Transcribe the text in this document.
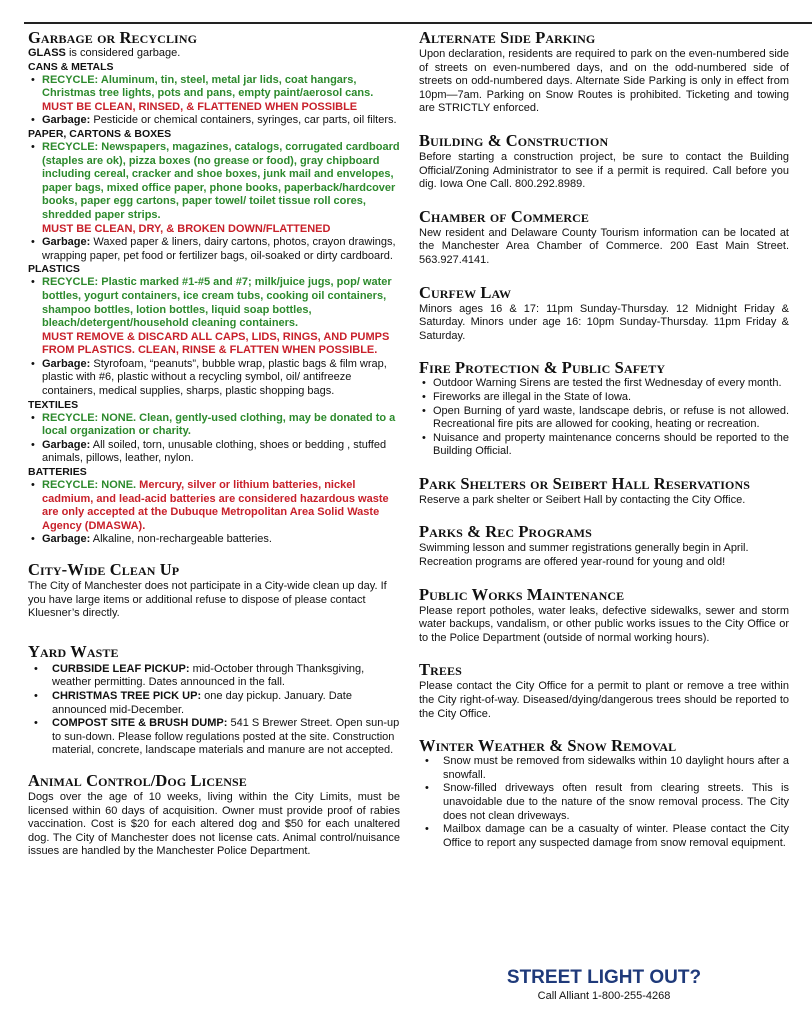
Garbage or Recycling

GLASS is considered garbage.

CANS & METALS

• RECYCLE: Aluminum, tin, steel, metal jar lids, coat hangars, Christmas tree lights, pots and pans, empty paint/aerosol cans.
MUST BE CLEAN, RINSED, & FLATTENED WHEN POSSIBLE
• Garbage: Pesticide or chemical containers, syringes, car parts, oil filters.

PAPER, CARTONS & BOXES

• RECYCLE: Newspapers, magazines, catalogs, corrugated cardboard (staples are ok), pizza boxes (no grease or food), gray chipboard including cereal, cracker and shoe boxes, junk mail and envelopes, paper bags, mixed office paper, phone books, paperback/hardcover books, paper egg cartons, paper towel/ toilet tissue roll cores, shredded paper strips.
MUST BE CLEAN, DRY, & BROKEN DOWN/FLATTENED
• Garbage: Waxed paper & liners, dairy cartons, photos, crayon drawings, wrapping paper, pet food or fertilizer bags, oil-soaked or dirty cardboard.

PLASTICS

• RECYCLE: Plastic marked #1-#5 and #7; milk/juice jugs, pop/ water bottles, yogurt containers, ice cream tubs, cooking oil containers, shampoo bottles, lotion bottles, liquid soap bottles, bleach/detergent/household cleaning containers.
MUST REMOVE & DISCARD ALL CAPS, LIDS, RINGS, AND PUMPS FROM PLASTICS. CLEAN, RINSE & FLATTEN WHEN POSSIBLE.
• Garbage: Styrofoam, “peanuts”, bubble wrap, plastic bags & film wrap, plastic with #6, plastic without a recycling symbol, oil/ antifreeze containers, medical supplies, sharps, plastic shopping bags.

TEXTILES

• RECYCLE: NONE. Clean, gently-used clothing, may be donated to a local organization or charity.
• Garbage: All soiled, torn, unusable clothing, shoes or bedding , stuffed animals, pillows, leather, nylon.

BATTERIES

• RECYCLE: NONE. Mercury, silver or lithium batteries, nickel cadmium, and lead-acid batteries are considered hazardous waste are only accepted at the Dubuque Metropolitan Area Solid Waste Agency (DMASWA).
• Garbage: Alkaline, non-rechargeable batteries.
City-Wide Clean Up

The City of Manchester does not participate in a City-wide clean up day. If you have large items or additional refuse to dispose of please contact Kluesner’s directly.

Yard Waste
• CURBSIDE LEAF PICKUP: mid-October through Thanksgiving, weather permitting. Dates announced in the fall.
• CHRISTMAS TREE PICK UP: one day pickup. January. Date announced mid-December.
• COMPOST SITE & BRUSH DUMP: 541 S Brewer Street. Open sun-up to sun-down. Please follow regulations posted at the site. Construction material, concrete, landscape materials and manure are not accepted.
Animal Control/Dog License

Dogs over the age of 10 weeks, living within the City Limits, must be licensed within 60 days of acquisition. Owner must provide proof of rabies vaccination. Cost is $20 for each altered dog and $50 for each unaltered dog. The City of Manchester does not license cats. Animal control/nuisance issues are handled by the Manchester Police Department.

Alternate Side Parking

Upon declaration, residents are required to park on the even-numbered side of streets on even-numbered days, and on the odd-numbered side of streets on odd-numbered days. Alternate Side Parking is only in effect from 10pm—7am. Parking on Snow Routes is prohibited. Ticketing and towing are STRICTLY enforced.

Building & Construction

Before starting a construction project, be sure to contact the Building Official/Zoning Administrator to see if a permit is required. Call before you dig. Iowa One Call. 800.292.8989.

Chamber of Commerce

New resident and Delaware County Tourism information can be located at the Manchester Area Chamber of Commerce. 200 East Main Street. 563.927.4141.

Curfew Law

Minors ages 16 & 17: 11pm Sunday-Thursday. 12 Midnight Friday & Saturday. Minors under age 16: 10pm Sunday-Thursday. 11pm Friday & Saturday.

Fire Protection & Public Safety
• Outdoor Warning Sirens are tested the first Wednesday of every month.
• Fireworks are illegal in the State of Iowa.
• Open Burning of yard waste, landscape debris, or refuse is not allowed. Recreational fire pits are allowed for cooking, heating or recreation.
• Nuisance and property maintenance concerns should be reported to the Building Official.
Park Shelters or Seibert Hall Reservations

Reserve a park shelter or Seibert Hall by contacting the City Office.

Parks & Rec Programs

Swimming lesson and summer registrations generally begin in April. Recreation programs are offered year-round for young and old!

Public Works Maintenance

Please report potholes, water leaks, defective sidewalks, sewer and storm water backups, vandalism, or other public works issues to the City Office or to the Police Department (outside of normal working hours).

Trees

Please contact the City Office for a permit to plant or remove a tree within the City right-of-way. Diseased/dying/dangerous trees should be reported to the City Office.

Winter Weather & Snow Removal
• Snow must be removed from sidewalks within 10 daylight hours after a snowfall.
• Snow-filled driveways often result from clearing streets. This is unavoidable due to the nature of the snow removal process. The City does not clean driveways.
• Mailbox damage can be a casualty of winter. Please contact the City Office to report any suspected damage from snow removal equipment.
STREET LIGHT OUT?
Call Alliant 1-800-255-4268
